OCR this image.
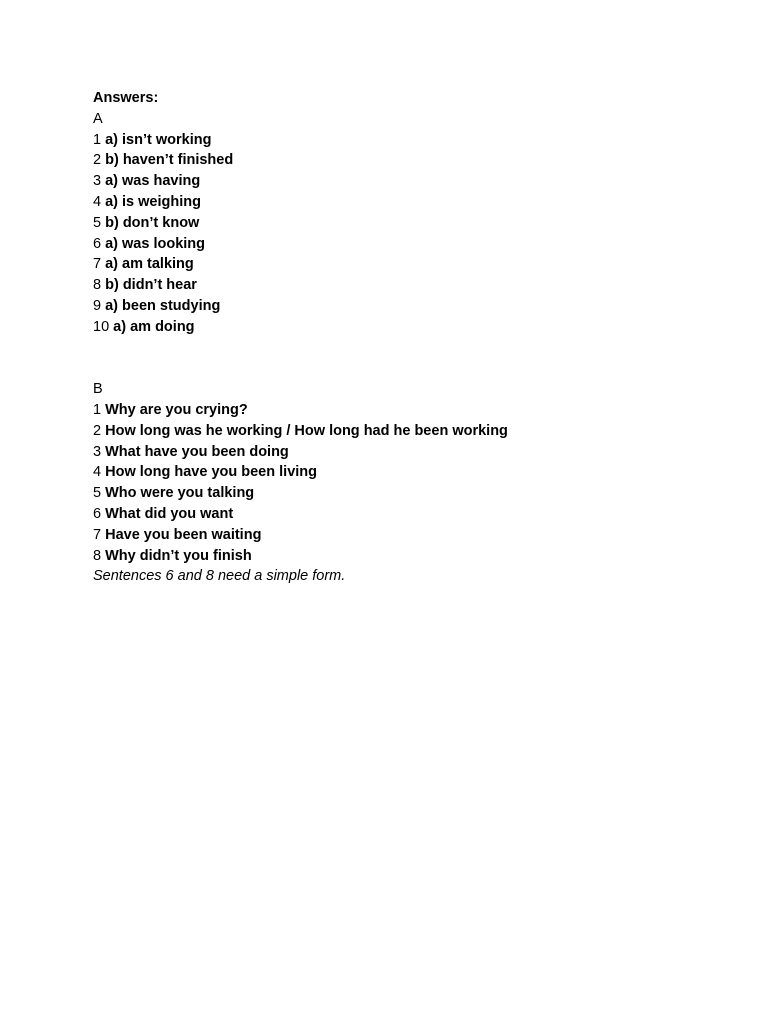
Answers:
A
1 a) isn’t working
2 b) haven’t finished
3 a) was having
4 a) is weighing
5 b) don’t know
6 a) was looking
7 a) am talking
8 b) didn’t hear
9 a) been studying
10 a) am doing
B
1 Why are you crying?
2 How long was he working / How long had he been working
3 What have you been doing
4 How long have you been living
5 Who were you talking
6 What did you want
7 Have you been waiting
8 Why didn’t you finish
Sentences 6 and 8 need a simple form.
